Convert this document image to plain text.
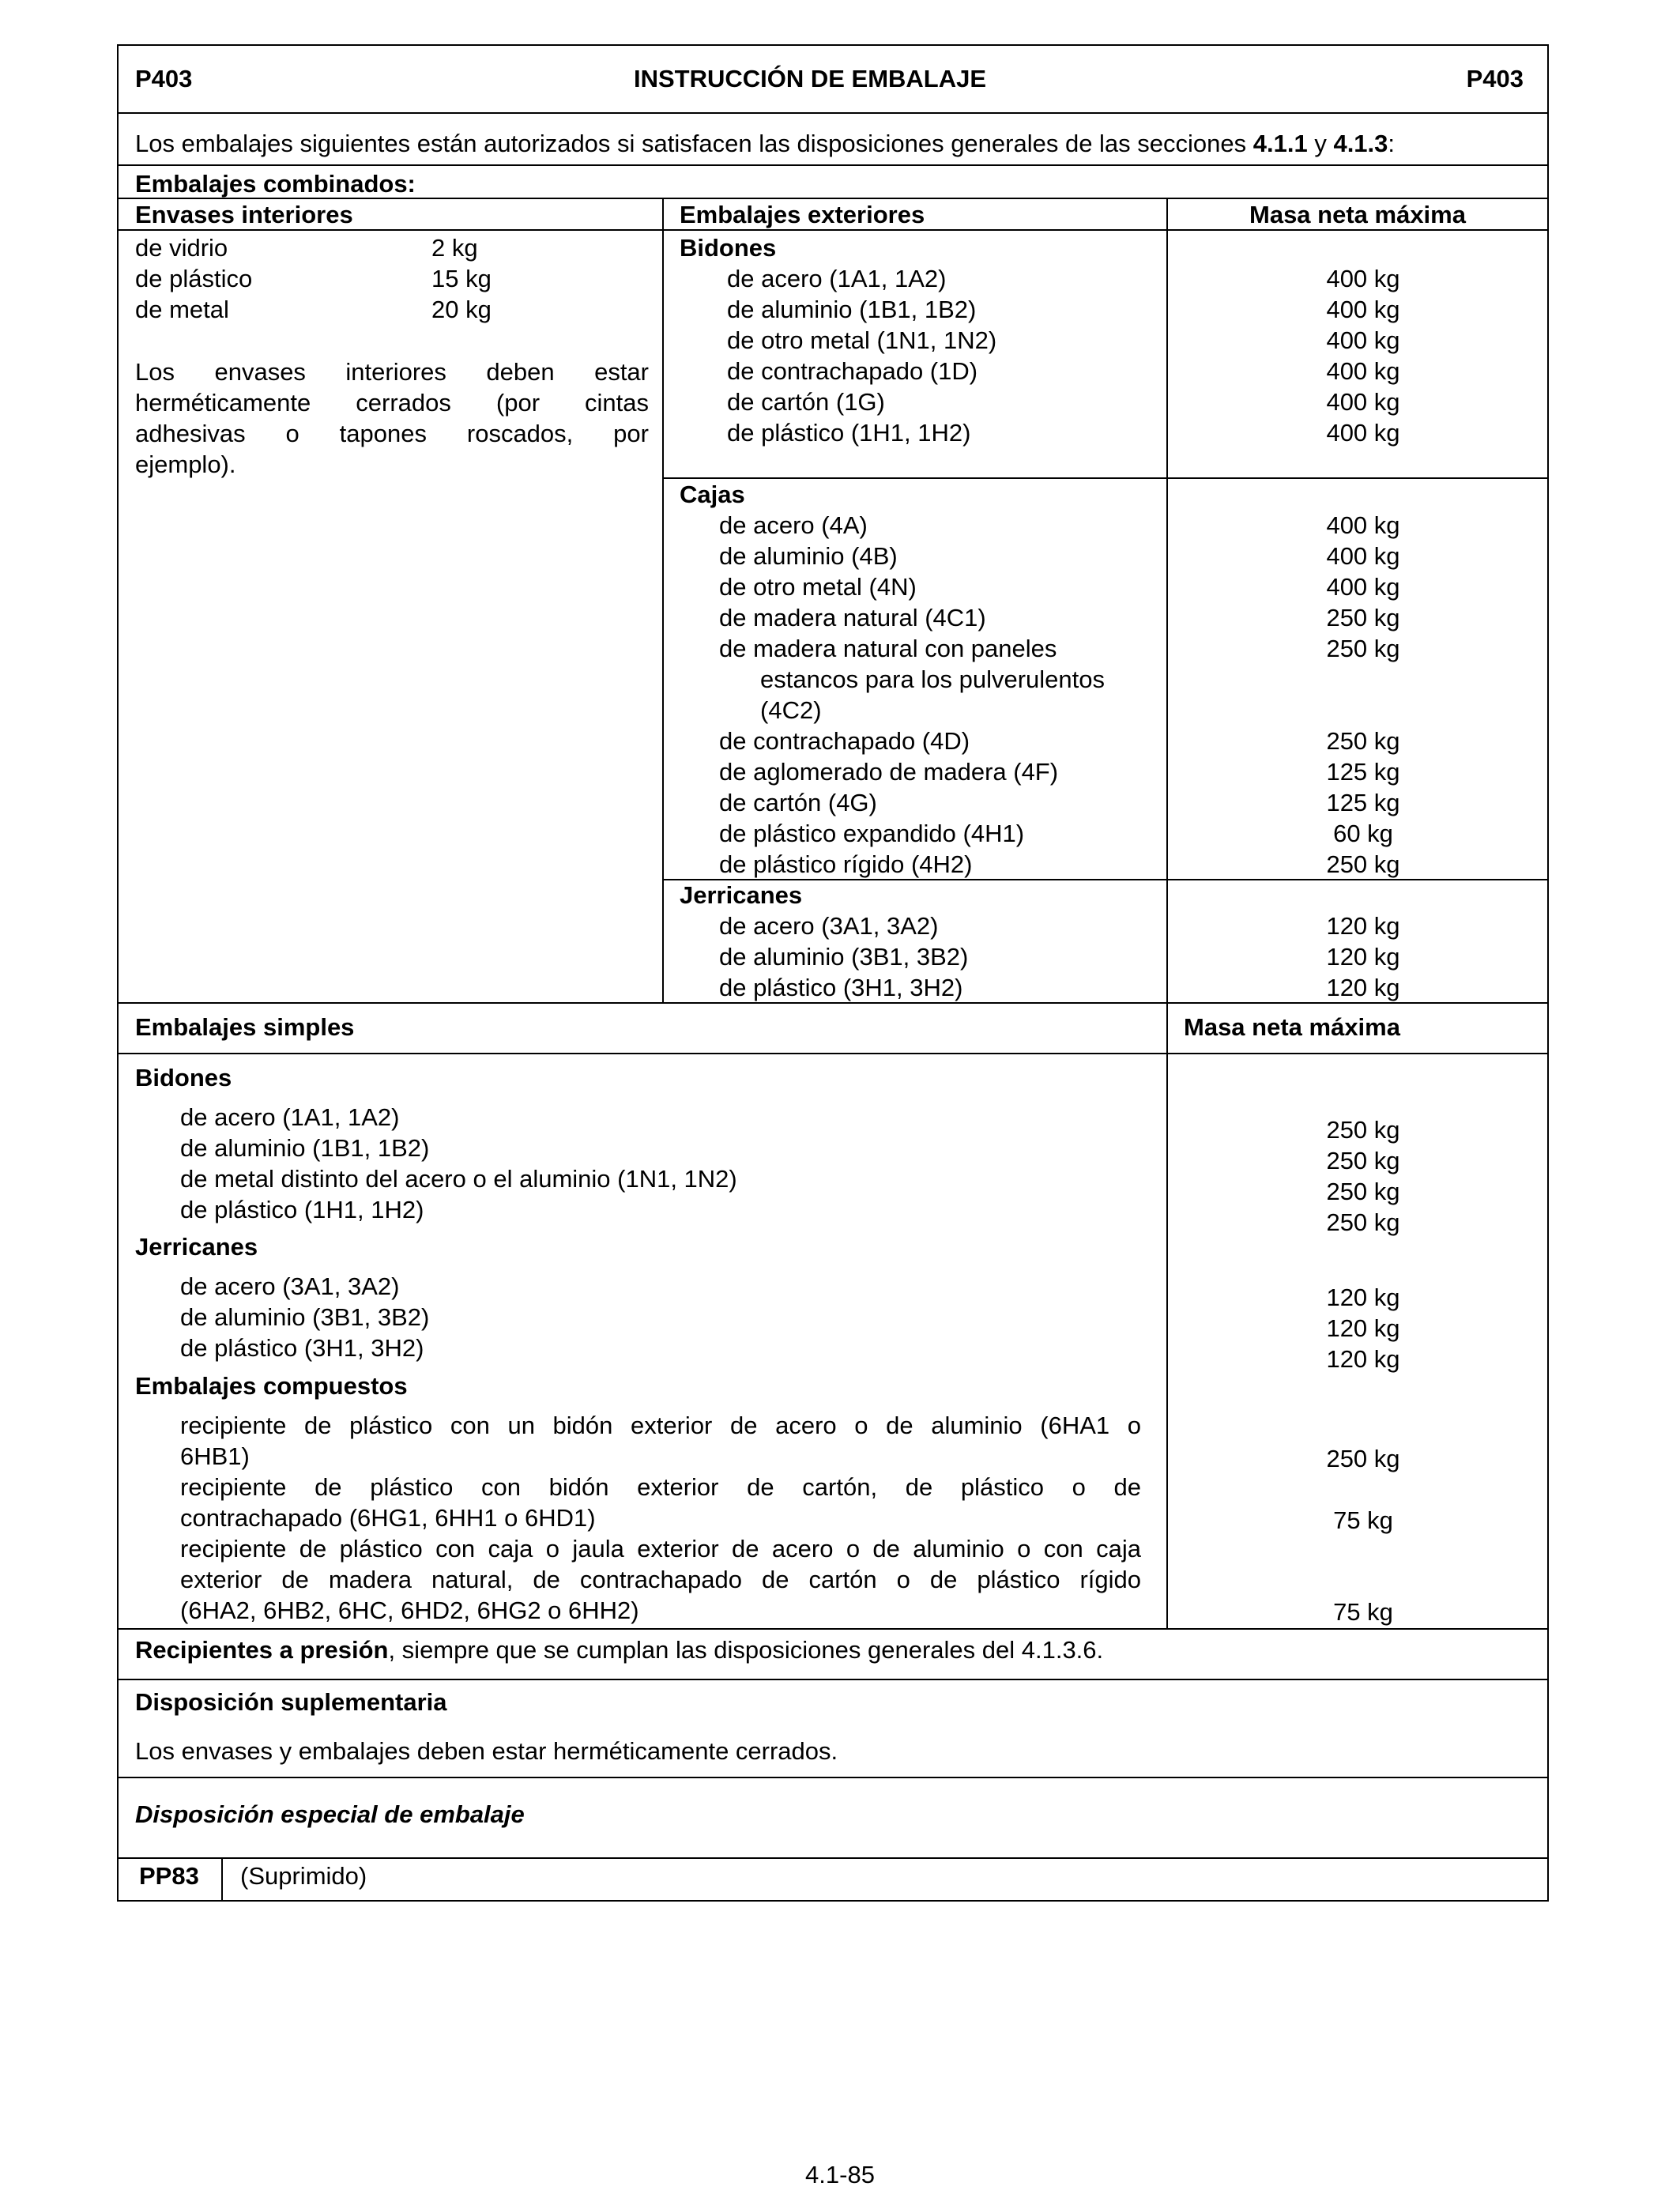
P403	INSTRUCCIÓN DE EMBALAJE	P403
Los embalajes siguientes están autorizados si satisfacen las disposiciones generales de las secciones 4.1.1 y 4.1.3:
Embalajes combinados:
Envases interiores	Embalajes exteriores	Masa neta máxima
de vidrio	2 kg
de plástico	15 kg
de metal	20 kg
Los envases interiores deben estar
herméticamente cerrados (por cintas
adhesivas o tapones roscados, por
ejemplo).
Bidones
de acero (1A1, 1A2)	400 kg
de aluminio (1B1, 1B2)	400 kg
de otro metal (1N1, 1N2)	400 kg
de contrachapado (1D)	400 kg
de cartón (1G)	400 kg
de plástico (1H1, 1H2)	400 kg
Cajas
de acero (4A)	400 kg
de aluminio (4B)	400 kg
de otro metal (4N)	400 kg
de madera natural (4C1)	250 kg
de madera natural con paneles	250 kg
estancos para los pulverulentos
(4C2)
de contrachapado (4D)	250 kg
de aglomerado de madera (4F)	125 kg
de cartón (4G)	125 kg
de plástico expandido (4H1)	60 kg
de plástico rígido (4H2)	250 kg
Jerricanes
de acero (3A1, 3A2)	120 kg
de aluminio (3B1, 3B2)	120 kg
de plástico (3H1, 3H2)	120 kg
Embalajes simples	Masa neta máxima
Bidones
de acero (1A1, 1A2)	250 kg
de aluminio (1B1, 1B2)	250 kg
de metal distinto del acero o el aluminio (1N1, 1N2)	250 kg
de plástico (1H1, 1H2)	250 kg
Jerricanes
de acero (3A1, 3A2)	120 kg
de aluminio (3B1, 3B2)	120 kg
de plástico (3H1, 3H2)	120 kg
Embalajes compuestos
recipiente de plástico con un bidón exterior de acero o de aluminio (6HA1 o
6HB1)	250 kg
recipiente de plástico con bidón exterior de cartón, de plástico o de
contrachapado (6HG1, 6HH1 o 6HD1)	75 kg
recipiente de plástico con caja o jaula exterior de acero o de aluminio o con caja
exterior de madera natural, de contrachapado de cartón o de plástico rígido
(6HA2, 6HB2, 6HC, 6HD2, 6HG2 o 6HH2)	75 kg
Recipientes a presión, siempre que se cumplan las disposiciones generales del 4.1.3.6.
Disposición suplementaria
Los envases y embalajes deben estar herméticamente cerrados.
Disposición especial de embalaje
PP83 (Suprimido)
4.1-85
